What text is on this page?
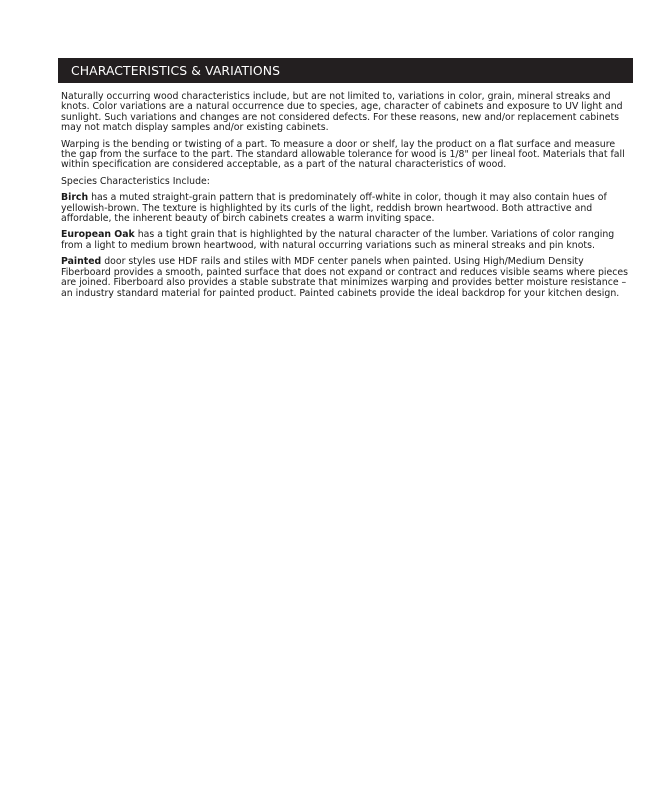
CHARACTERISTICS & VARIATIONS

Naturally occurring wood characteristics include, but are not limited to, variations in color, grain, mineral streaks and knots. Color variations are a natural occurrence due to species, age, character of cabinets and exposure to UV light and sunlight. Such variations and changes are not considered defects. For these reasons, new and/or replacement cabinets may not match display samples and/or existing cabinets.

Warping is the bending or twisting of a part. To measure a door or shelf, lay the product on a flat surface and measure the gap from the surface to the part. The standard allowable tolerance for wood is 1/8" per lineal foot. Materials that fall within specification are considered acceptable, as a part of the natural characteristics of wood.

Species Characteristics Include:

Birch has a muted straight-grain pattern that is predominately off-white in color, though it may also contain hues of yellowish-brown. The texture is highlighted by its curls of the light, reddish brown heartwood. Both attractive and affordable, the inherent beauty of birch cabinets creates a warm inviting space.

European Oak has a tight grain that is highlighted by the natural character of the lumber. Variations of color ranging from a light to medium brown heartwood, with natural occurring variations such as mineral streaks and pin knots.

Painted door styles use HDF rails and stiles with MDF center panels when painted. Using High/Medium Density Fiberboard provides a smooth, painted surface that does not expand or contract and reduces visible seams where pieces are joined. Fiberboard also provides a stable substrate that minimizes warping and provides better moisture resistance – an industry standard material for painted product. Painted cabinets provide the ideal backdrop for your kitchen design.
